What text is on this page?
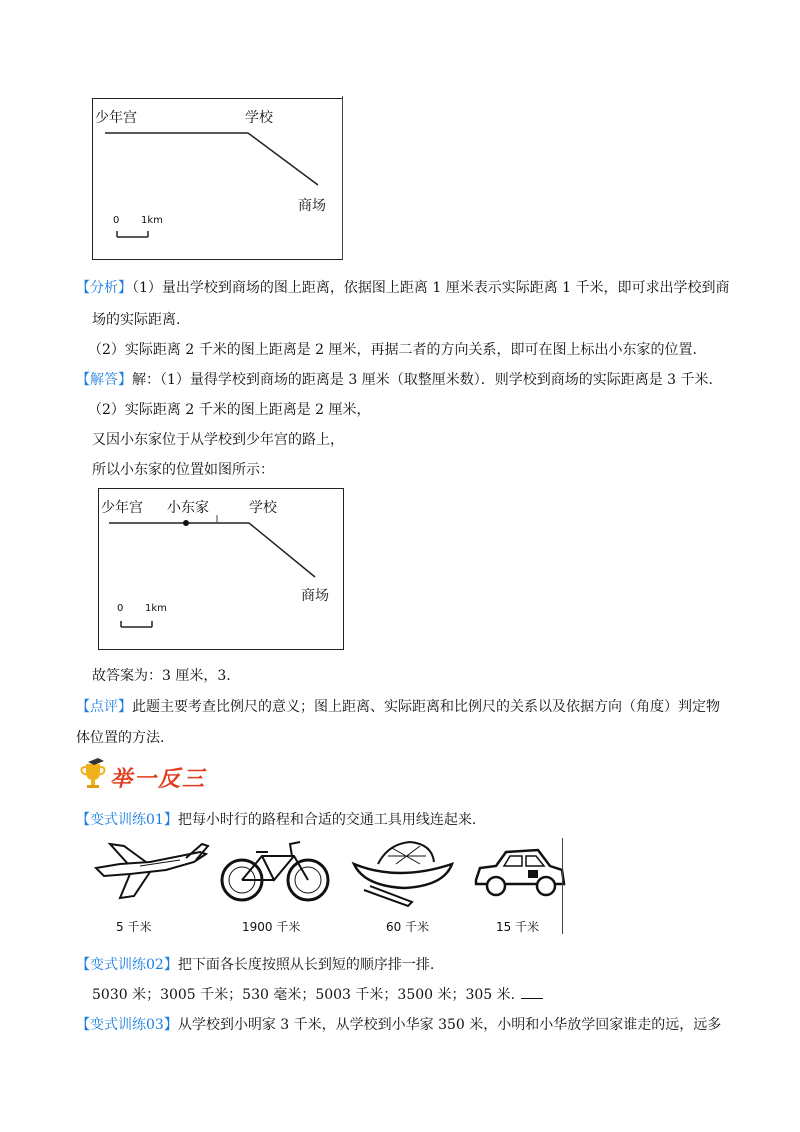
少年宫	学校
商场
0 1km
【分析】（1）量出学校到商场的图上距离，依据图上距离 1 厘米表示实际距离 1 千米，即可求出学校到商
场的实际距离.
（2）实际距离 2 千米的图上距离是 2 厘米，再据二者的方向关系，即可在图上标出小东家的位置.
【解答】解：（1）量得学校到商场的距离是 3 厘米（取整厘米数）．则学校到商场的实际距离是 3 千米.
（2）实际距离 2 千米的图上距离是 2 厘米，
又因小东家位于从学校到少年宫的路上，
所以小东家的位置如图所示：
少年宫 小东家	学校
商场
0 1km
故答案为：3 厘米，3.
【点评】此题主要考查比例尺的意义；图上距离、实际距离和比例尺的关系以及依据方向（角度）判定物
体位置的方法.
举一反三
【变式训练01】把每小时行的路程和合适的交通工具用线连起来.
5 千米	1900 千米	60 千米	15 千米
【变式训练02】把下面各长度按照从长到短的顺序排一排.
5030 米；3005 千米；530 毫米；5003 千米；3500 米；305 米.
【变式训练03】从学校到小明家 3 千米，从学校到小华家 350 米，小明和小华放学回家谁走的远，远多
